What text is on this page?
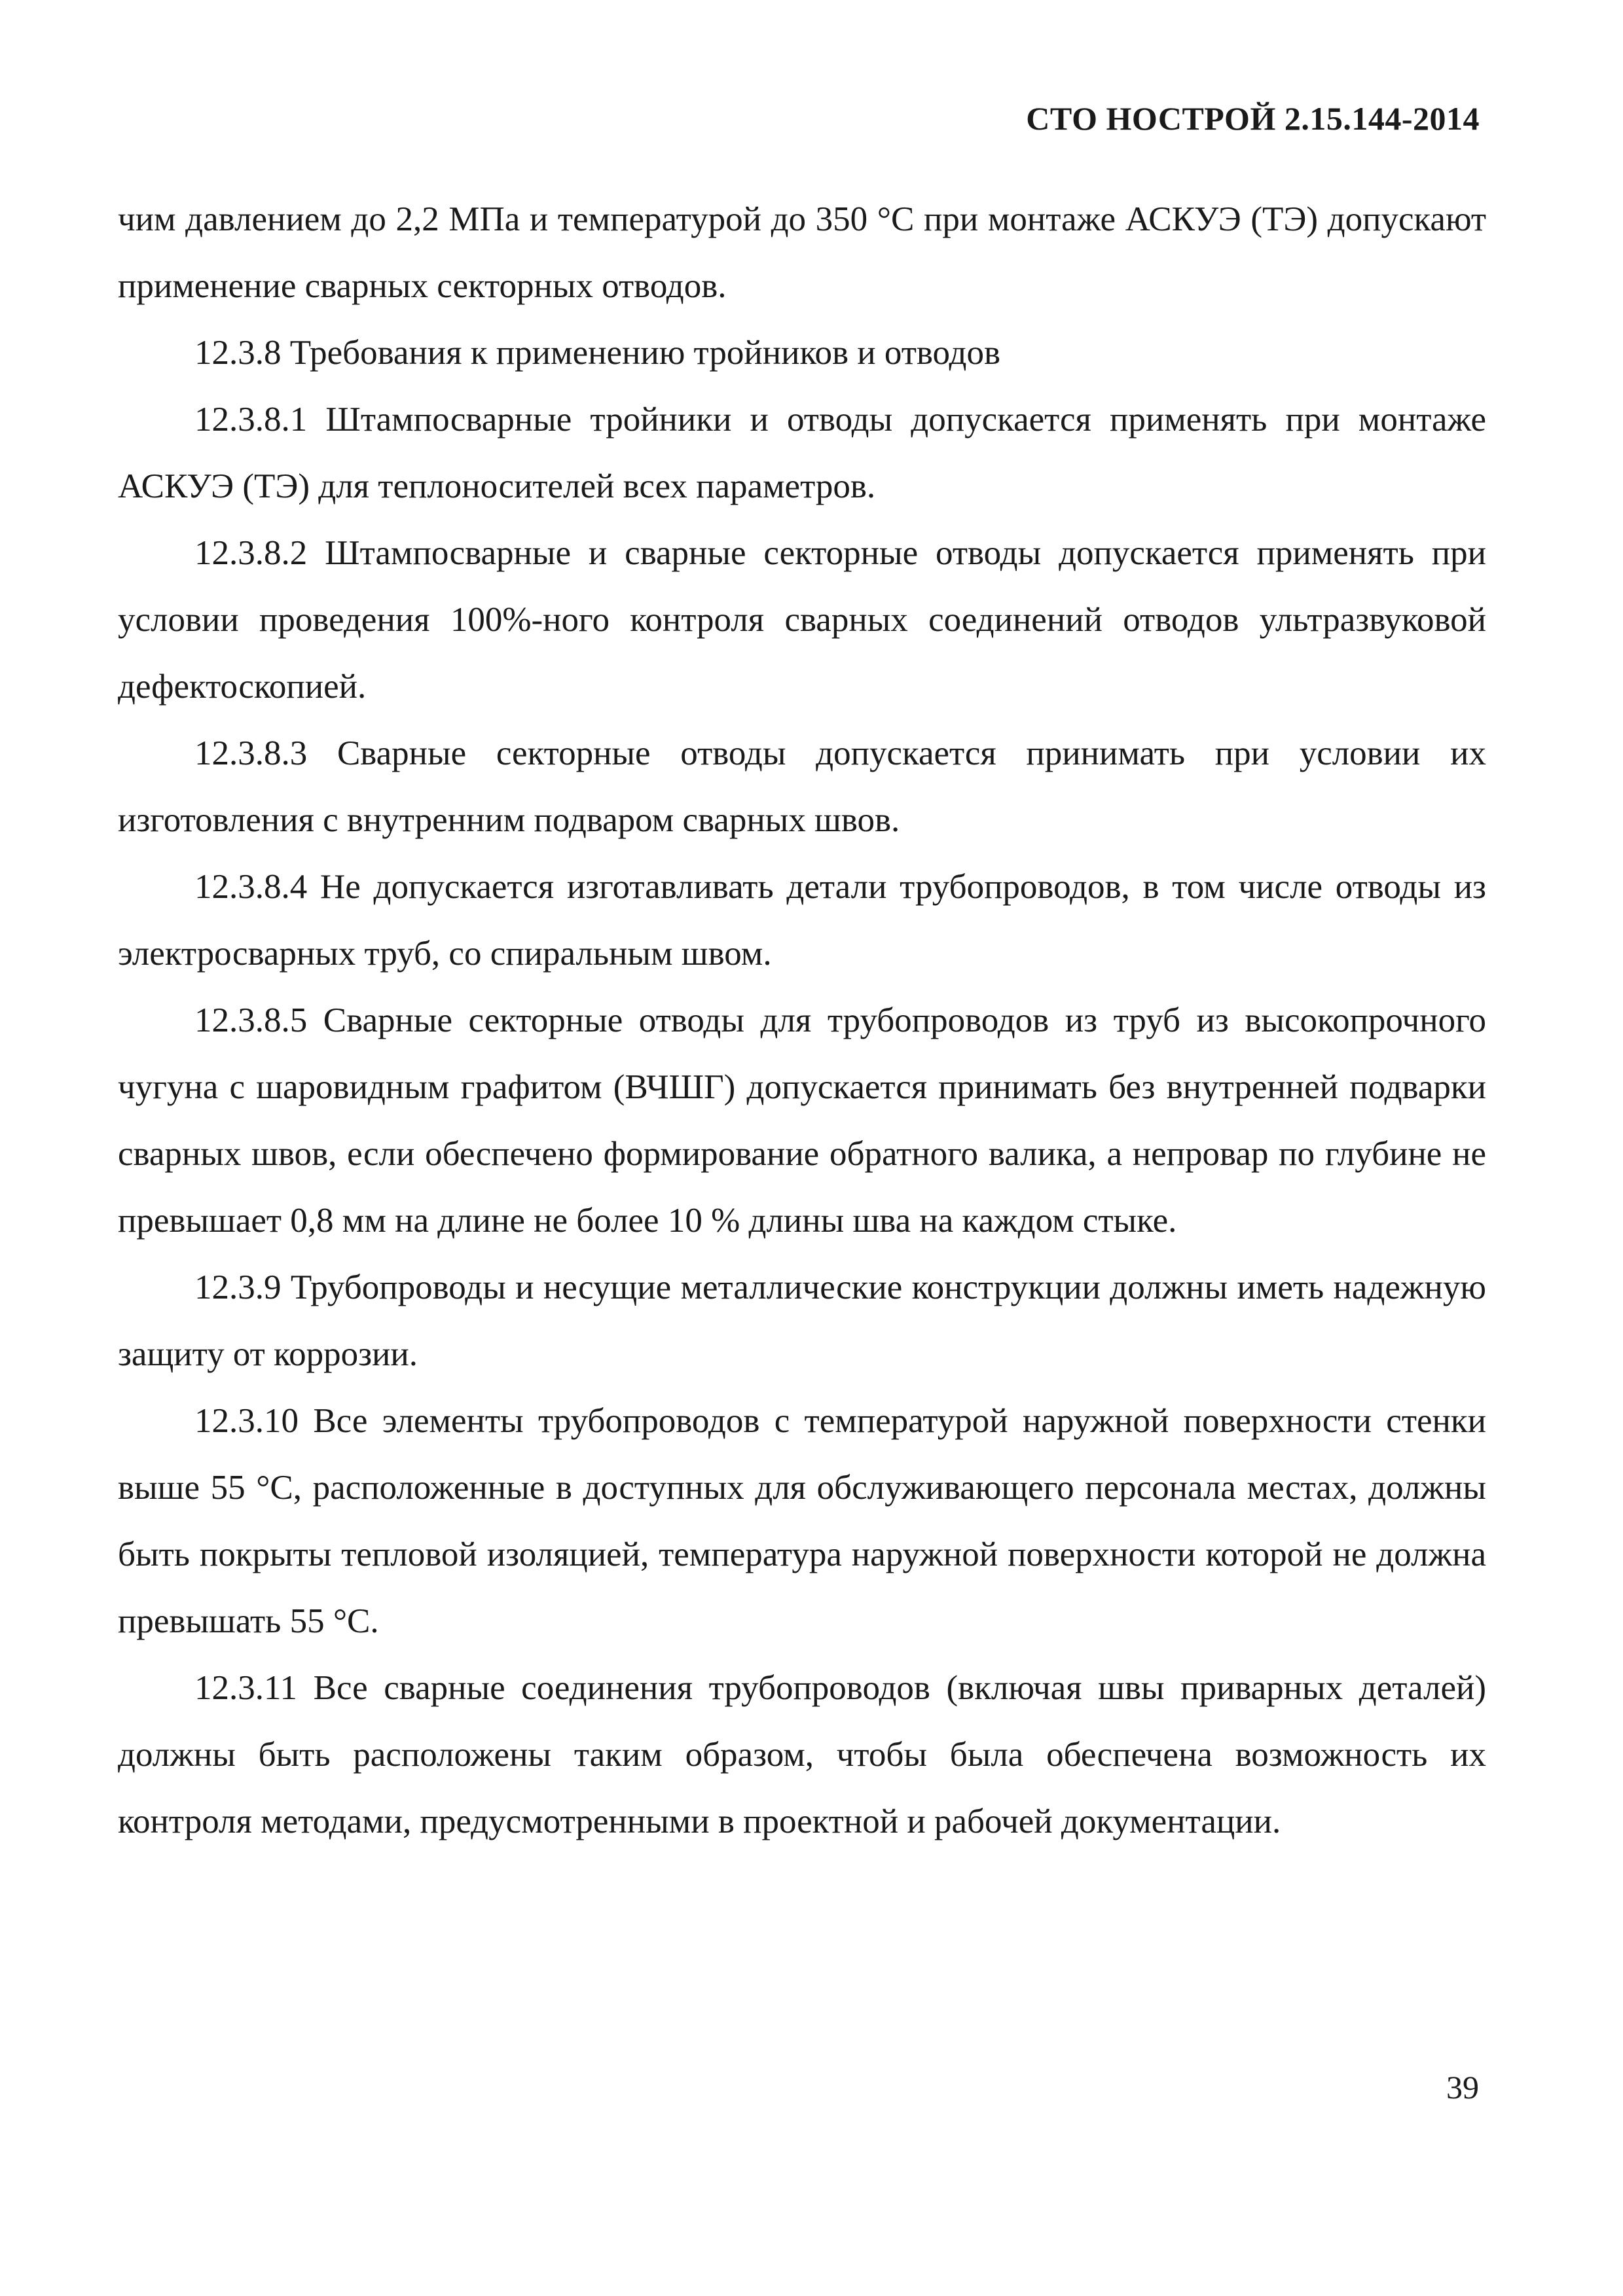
СТО НОСТРОЙ 2.15.144-2014

чим давлением до 2,2 МПа и температурой до 350 °С при монтаже АСКУЭ (ТЭ) допускают применение сварных секторных отводов.

12.3.8 Требования к применению тройников и отводов

12.3.8.1 Штампосварные тройники и отводы допускается применять при монтаже АСКУЭ (ТЭ) для теплоносителей всех параметров.

12.3.8.2 Штампосварные и сварные секторные отводы допускается применять при условии проведения 100%-ного контроля сварных соединений отводов ультразвуковой дефектоскопией.

12.3.8.3 Сварные секторные отводы допускается принимать при условии их изготовления с внутренним подваром сварных швов.

12.3.8.4 Не допускается изготавливать детали трубопроводов, в том числе отводы из электросварных труб, со спиральным швом.

12.3.8.5 Сварные секторные отводы для трубопроводов из труб из высокопрочного чугуна с шаровидным графитом (ВЧШГ) допускается принимать без внутренней подварки сварных швов, если обеспечено формирование обратного валика, а непровар по глубине не превышает 0,8 мм на длине не более 10 % длины шва на каждом стыке.

12.3.9 Трубопроводы и несущие металлические конструкции должны иметь надежную защиту от коррозии.

12.3.10 Все элементы трубопроводов с температурой наружной поверхности стенки выше 55 °С, расположенные в доступных для обслуживающего персонала местах, должны быть покрыты тепловой изоляцией, температура наружной поверхности которой не должна превышать 55 °С.

12.3.11 Все сварные соединения трубопроводов (включая швы приварных деталей) должны быть расположены таким образом, чтобы была обеспечена возможность их контроля методами, предусмотренными в проектной и рабочей документации.

39
